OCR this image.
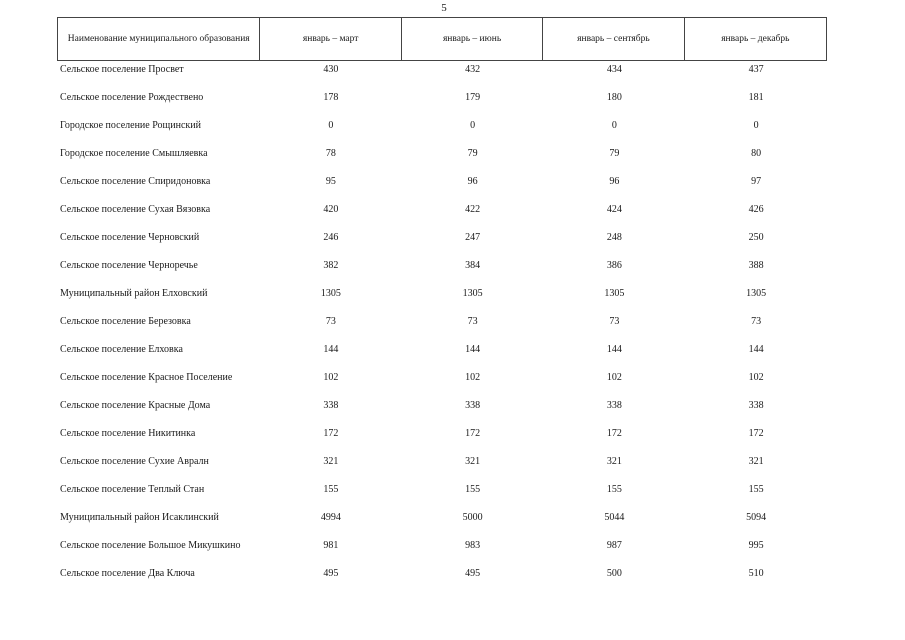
5
Наименование муниципального образования	январь – март	январь – июнь	январь – сентябрь	январь – декабрь
Сельское поселение Просвет	430	432	434	437
Сельское поселение Рождествено	178	179	180	181
Городское поселение Рощинский	0	0	0	0
Городское поселение Смышляевка	78	79	79	80
Сельское поселение Спиридоновка	95	96	96	97
Сельское поселение Сухая Вязовка	420	422	424	426
Сельское поселение Черновский	246	247	248	250
Сельское поселение Черноречье	382	384	386	388
Муниципальный район Елховский	1305	1305	1305	1305
Сельское поселение Березовка	73	73	73	73
Сельское поселение Елховка	144	144	144	144
Сельское поселение Красное Поселение	102	102	102	102
Сельское поселение Красные Дома	338	338	338	338
Сельское поселение Никитинка	172	172	172	172
Сельское поселение Сухие Авралн	321	321	321	321
Сельское поселение Теплый Стан	155	155	155	155
Муниципальный район Исаклинский	4994	5000	5044	5094
Сельское поселение Большое Микушкино	981	983	987	995
Сельское поселение Два Ключа	495	495	500	510
